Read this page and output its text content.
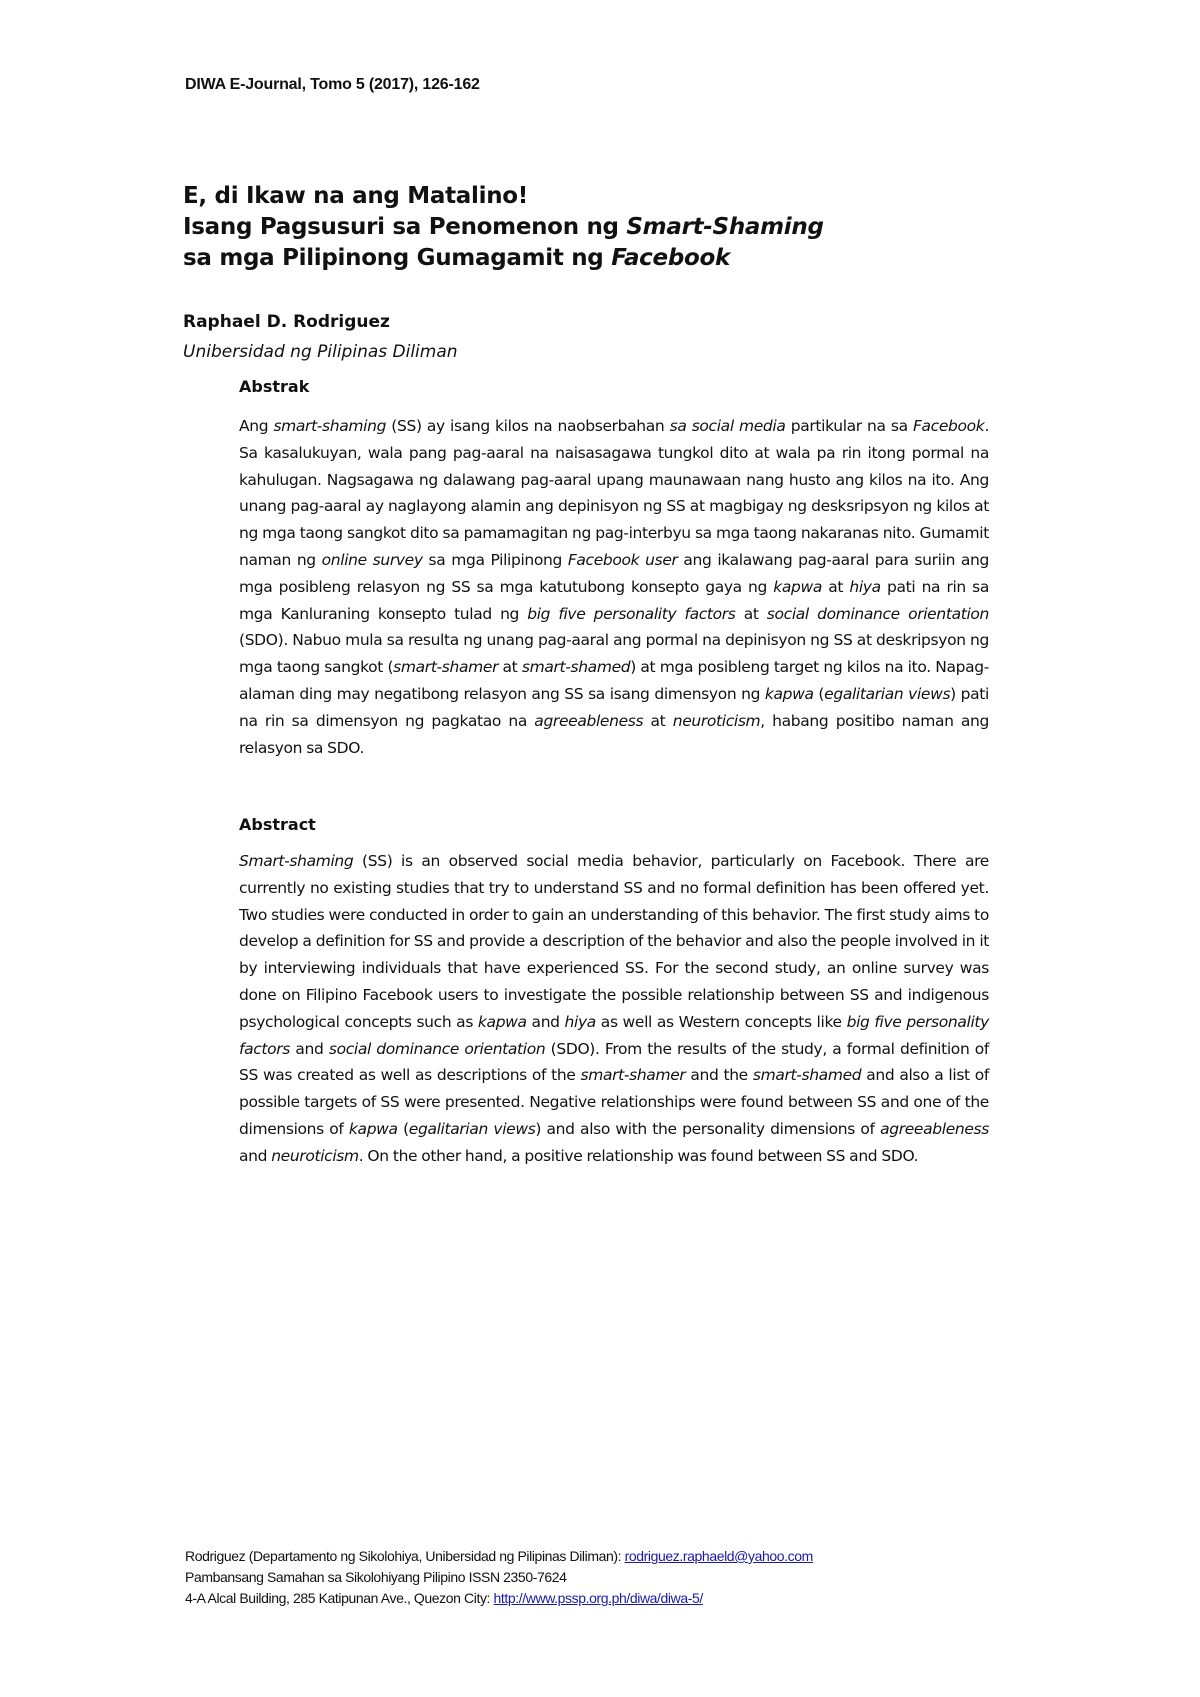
DIWA E-Journal, Tomo 5 (2017), 126-162

E, di Ikaw na ang Matalino!

Isang Pagsusuri sa Penomenon ng Smart-Shaming

sa mga Pilipinong Gumagamit ng Facebook

Raphael D. Rodriguez
Unibersidad ng Pilipinas Diliman
Abstrak

Ang smart-shaming (SS) ay isang kilos na naobserbahan sa social media partikular na sa Facebook. Sa kasalukuyan, wala pang pag-aaral na naisasagawa tungkol dito at wala pa rin itong pormal na kahulugan. Nagsagawa ng dalawang pag-aaral upang maunawaan nang husto ang kilos na ito. Ang unang pag-aaral ay naglayong alamin ang depinisyon ng SS at magbigay ng desksripsyon ng kilos at ng mga taong sangkot dito sa pamamagitan ng pag-interbyu sa mga taong nakaranas nito. Gumamit naman ng online survey sa mga Pilipinong Facebook user ang ikalawang pag-aaral para suriin ang mga posibleng relasyon ng SS sa mga katutubong konsepto gaya ng kapwa at hiya pati na rin sa mga Kanluraning konsepto tulad ng big five personality factors at social dominance orientation (SDO). Nabuo mula sa resulta ng unang pag-aaral ang pormal na depinisyon ng SS at deskripsyon ng mga taong sangkot (smart-shamer at smart-shamed) at mga posibleng target ng kilos na ito. Napag-alaman ding may negatibong relasyon ang SS sa isang dimensyon ng kapwa (egalitarian views) pati na rin sa dimensyon ng pagkatao na agreeableness at neuroticism, habang positibo naman ang relasyon sa SDO.

Abstract

Smart-shaming (SS) is an observed social media behavior, particularly on Facebook. There are currently no existing studies that try to understand SS and no formal definition has been offered yet. Two studies were conducted in order to gain an understanding of this behavior. The first study aims to develop a definition for SS and provide a description of the behavior and also the people involved in it by interviewing individuals that have experienced SS. For the second study, an online survey was done on Filipino Facebook users to investigate the possible relationship between SS and indigenous psychological concepts such as kapwa and hiya as well as Western concepts like big five personality factors and social dominance orientation (SDO). From the results of the study, a formal definition of SS was created as well as descriptions of the smart-shamer and the smart-shamed and also a list of possible targets of SS were presented. Negative relationships were found between SS and one of the dimensions of kapwa (egalitarian views) and also with the personality dimensions of agreeableness and neuroticism. On the other hand, a positive relationship was found between SS and SDO.

Rodriguez (Departamento ng Sikolohiya, Unibersidad ng Pilipinas Diliman): rodriguez.raphaeld@yahoo.com
Pambansang Samahan sa Sikolohiyang Pilipino ISSN 2350-7624
4-A Alcal Building, 285 Katipunan Ave., Quezon City: http://www.pssp.org.ph/diwa/diwa-5/
